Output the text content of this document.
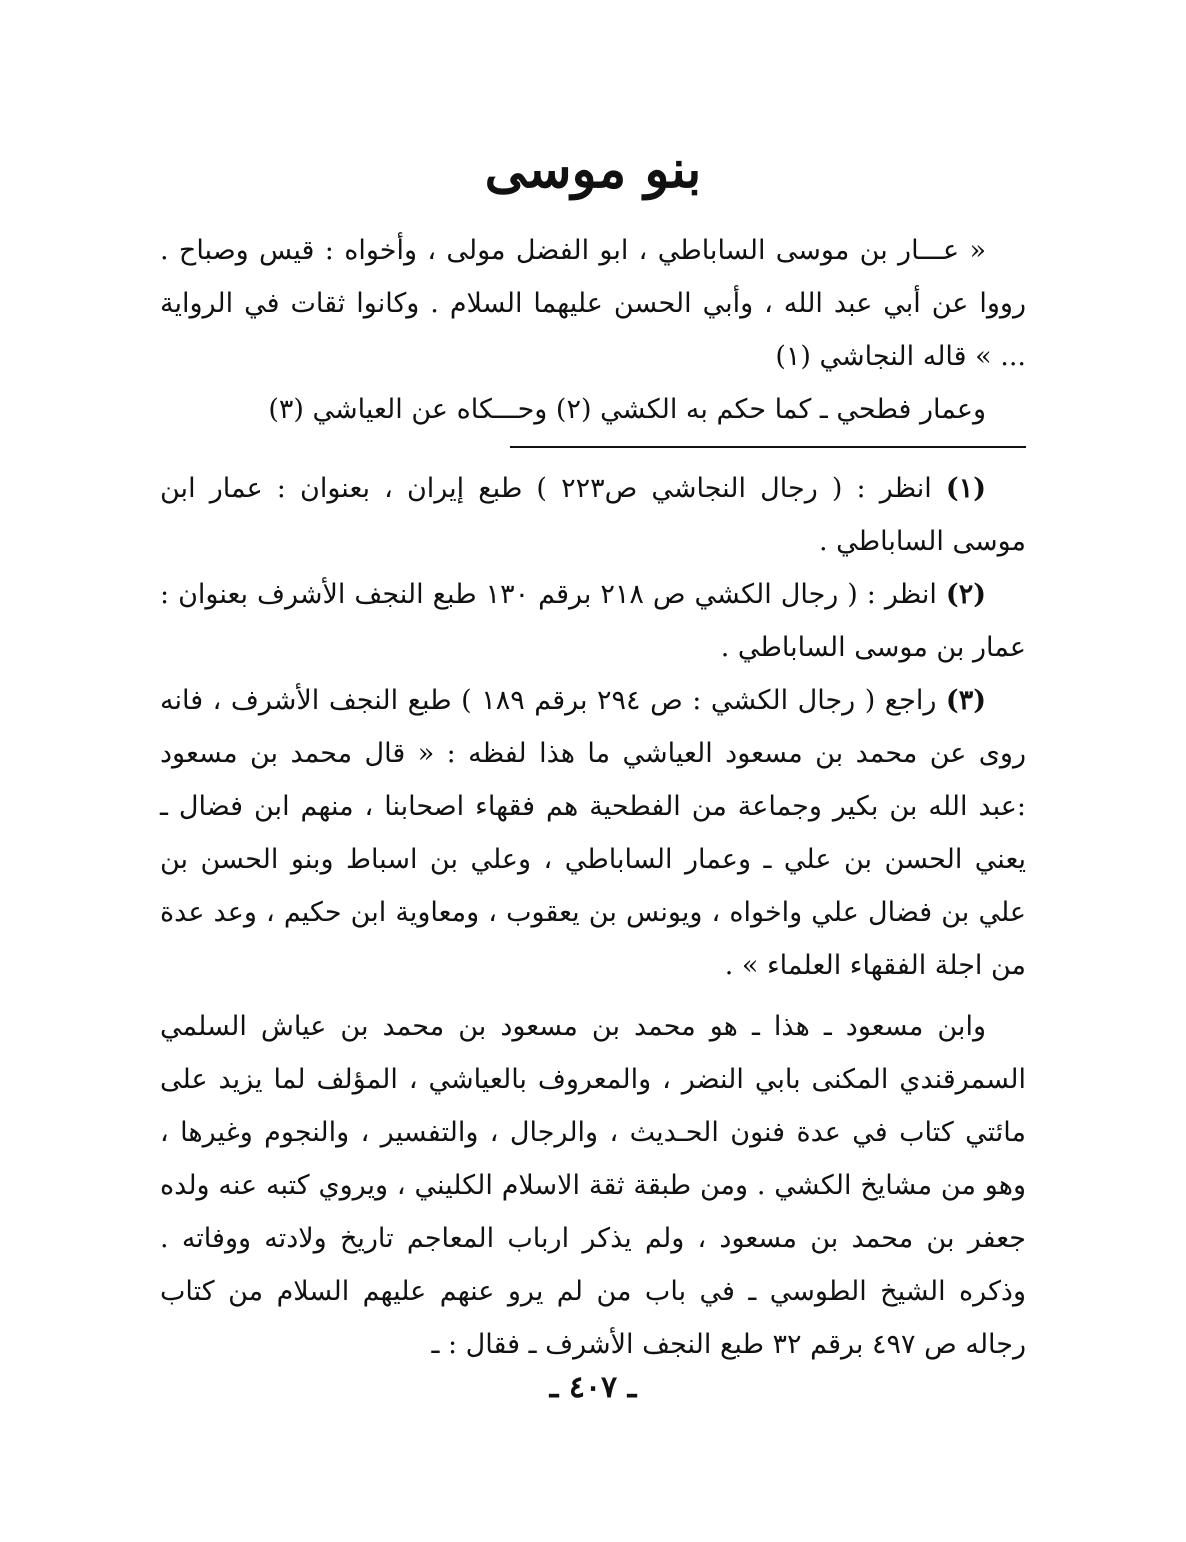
بنو موسى

« عـــار بن موسى الساباطي ، ابو الفضل مولى ، وأخواه : قيس وصباح . رووا عن أبي عبد الله ، وأبي الحسن عليهما السلام . وكانوا ثقات في الرواية ... » قاله النجاشي (١)

وعمار فطحي ـ كما حكم به الكشي (٢) وحـــكاه عن العياشي (٣)

(١) انظر : ( رجال النجاشي ص٢٢٣ ) طبع إيران ، بعنوان : عمار ابن موسى الساباطي .

(٢) انظر : ( رجال الكشي ص ٢١٨ برقم ١٣٠ طبع النجف الأشرف بعنوان : عمار بن موسى الساباطي .

(٣) راجع ( رجال الكشي : ص ٢٩٤ برقم ١٨٩ ) طبع النجف الأشرف ، فانه روى عن محمد بن مسعود العياشي ما هذا لفظه : « قال محمد بن مسعود :عبد الله بن بكير وجماعة من الفطحية هم فقهاء اصحابنا ، منهم ابن فضال ـ يعني الحسن بن علي ـ وعمار الساباطي ، وعلي بن اسباط وبنو الحسن بن علي بن فضال علي واخواه ، ويونس بن يعقوب ، ومعاوية ابن حكيم ، وعد عدة من اجلة الفقهاء العلماء » .

وابن مسعود ـ هذا ـ هو محمد بن مسعود بن محمد بن عياش السلمي السمرقندي المكنى بابي النضر ، والمعروف بالعياشي ، المؤلف لما يزيد على مائتي كتاب في عدة فنون الحـديث ، والرجال ، والتفسير ، والنجوم وغيرها ، وهو من مشايخ الكشي . ومن طبقة ثقة الاسلام الكليني ، ويروي كتبه عنه ولده جعفر بن محمد بن مسعود ، ولم يذكر ارباب المعاجم تاريخ ولادته ووفاته . وذكره الشيخ الطوسي ـ في باب من لم يرو عنهم عليهم السلام من كتاب رجاله ص ٤٩٧ برقم ٣٢ طبع النجف الأشرف ـ فقال : ـ

ـ ٤٠٧ ـ
